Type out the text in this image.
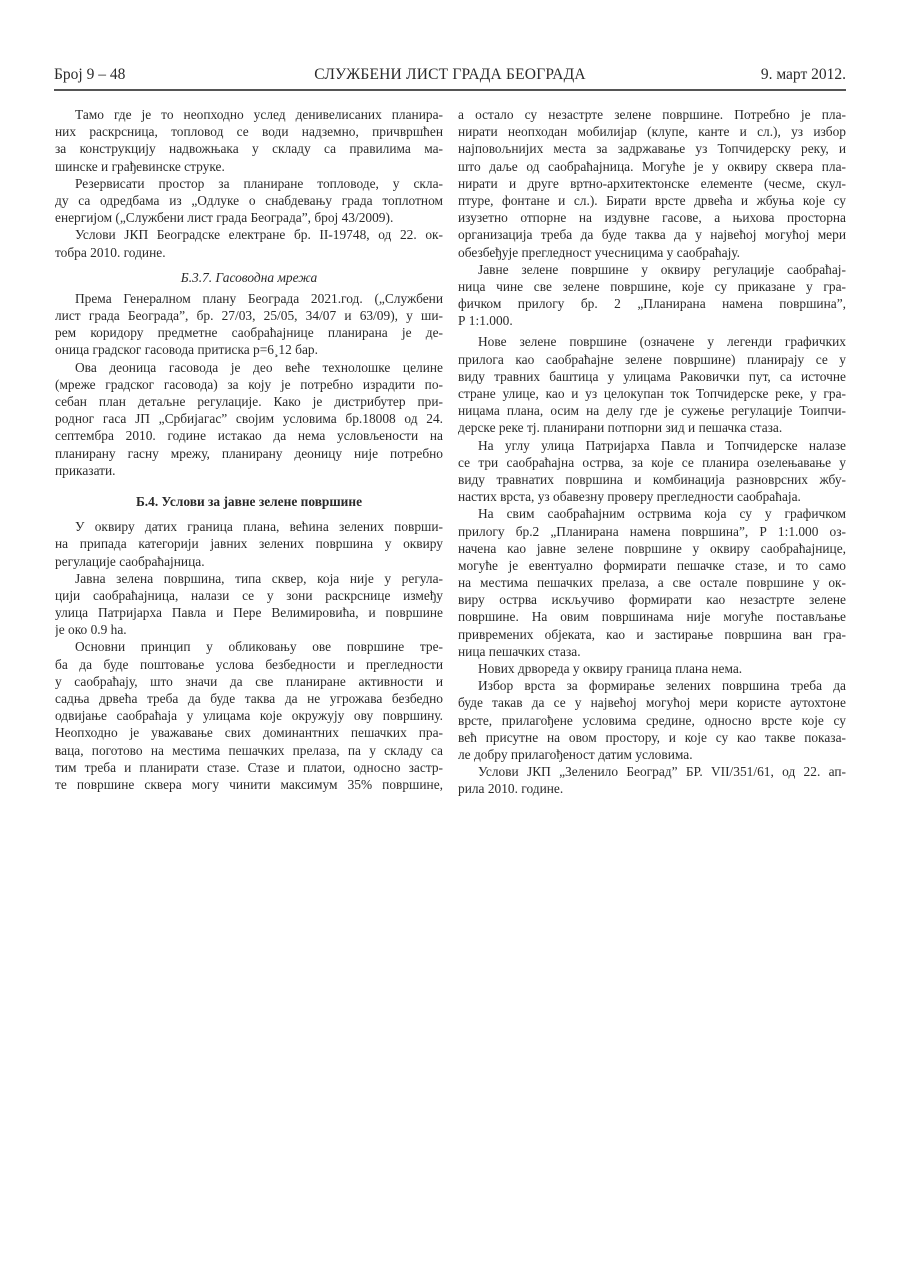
Број 9 – 48	СЛУЖБЕНИ ЛИСТ ГРАДА БЕОГРАДА	9. март 2012.
Тамо где је то неопходно услед денивелисаних планира-
них раскрсница, топловод се води надземно, причвршћен
за конструкцију надвожњака у складу са правилима ма-
шинске и грађевинске струке.
Резервисати простор за планиране топловоде, у скла-
ду са одредбама из „Одлуке о снабдевању града топлотном
енергијом („Службени лист града Београда”, број 43/2009).
Услови ЈКП Београдске електране бр. II-19748, од 22. ок-
тобра 2010. године.
Б.3.7. Гасоводна мрежа
Према Генералном плану Београда 2021.год. („Службени
лист града Београда”, бр. 27/03, 25/05, 34/07 и 63/09), у ши-
рем коридору предметне саобраћајнице планирана је де-
оница градског гасовода притиска р=6¸12 бар.
Ова деоница гасовода је део веће технолошке целине
(мреже градског гасовода) за коју је потребно израдити по-
себан план детаљне регулације. Како је дистрибутер при-
родног гаса ЈП „Србијагас” својим условима бр.18008 од 24.
септембра 2010. године истакао да нема условљености на
планирану гасну мрежу, планирану деоницу није потребно
приказати.
Б.4. Услови за јавне зелене површине
У оквиру датих граница плана, већина зелених површи-
на припада категорији јавних зелених површина у оквиру
регулације саобраћајница.
Јавна зелена површина, типа сквер, која није у регула-
цији саобраћајница, налази се у зони раскрснице између
улица Патријарха Павла и Пере Велимировића, и површине
је око 0.9 ha.
Основни принцип у обликовању ове површине тре-
ба да буде поштовање услова безбедности и прегледности
у саобраћају, што значи да све планиране активности и
садња дрвећа треба да буде таква да не угрожава безбедно
одвијање саобраћаја у улицама које окружују ову површину.
Неопходно је уважавање свих доминантних пешачких пра-
ваца, поготово на местима пешачких прелаза, па у складу са
тим треба и планирати стазе. Стазе и платои, односно застр-
те површине сквера могу чинити максимум 35% површине,
а остало су незастрте зелене површине. Потребно је пла-
нирати неопходан мобилијар (клупе, канте и сл.), уз избор
најповољнијих места за задржавање уз Топчидерску реку, и
што даље од саобраћајница. Могуће је у оквиру сквера пла-
нирати и друге вртно-архитектонске елементе (чесме, скул-
птуре, фонтане и сл.). Бирати врсте дрвећа и жбуња које су
изузетно отпорне на издувне гасове, а њихова просторна
организација треба да буде таква да у највећој могућој мери
обезбеђује прегледност учесницима у саобраћају.
Јавне зелене површине у оквиру регулације саобраћај-
ница чине све зелене површине, које су приказане у гра-
фичком прилогу бр. 2 „Планирана намена површина”,
Р 1:1.000.
Нове зелене површине (означене у легенди графичких
прилога као саобраћајне зелене површине) планирају се у
виду травних баштица у улицама Раковички пут, са источне
стране улице, као и уз целокупан ток Топчидерске реке, у гра-
ницама плана, осим на делу где је сужење регулације Тоипчи-
дерске реке тј. планирани потпорни зид и пешачка стаза.
На углу улица Патријарха Павла и Топчидерске налазе
се три саобраћајна острва, за које се планира озелењавање у
виду травнатих површина и комбинација разноврсних жбу-
настих врста, уз обавезну проверу прегледности саобраћаја.
На свим саобраћајним острвима која су у графичком
прилогу бр.2 „Планирана намена површина”, Р 1:1.000 оз-
начена као јавне зелене површине у оквиру саобраћајнице,
могуће је евентуално формирати пешачке стазе, и то само
на местима пешачких прелаза, а све остале површине у ок-
виру острва искључиво формирати као незастрте зелене
површине. На овим површинама није могуће постављање
привремених објеката, као и застирање површина ван гра-
ница пешачких стаза.
Нових дрвореда у оквиру граница плана нема.
Избор врста за формирање зелених површина треба да
буде такав да се у највећој могућој мери користе аутохтоне
врсте, прилагођене условима средине, односно врсте које су
већ присутне на овом простору, и које су као такве показа-
ле добру прилагођеност датим условима.
Услови ЈКП „Зеленило Београд” БР. VII/351/61, од 22. ап-
рила 2010. године.
